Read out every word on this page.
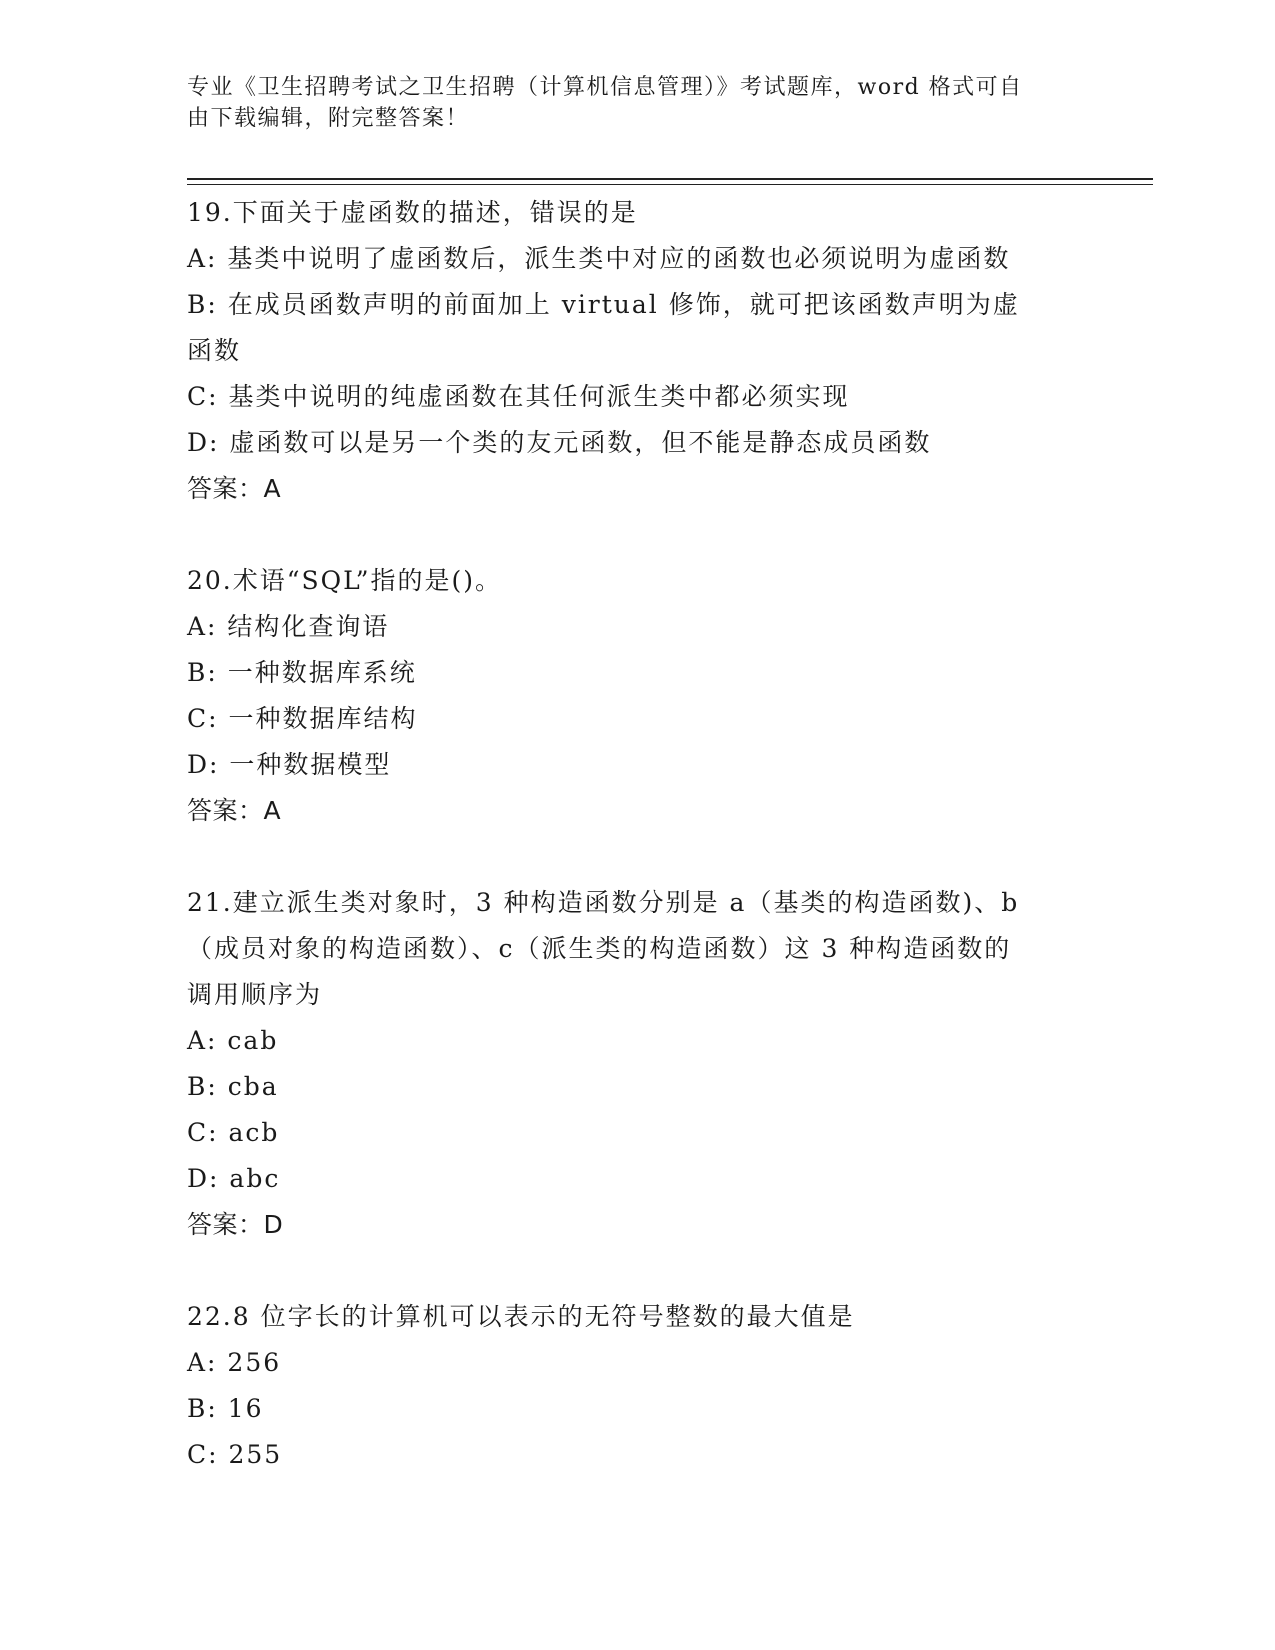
专业《卫生招聘考试之卫生招聘（计算机信息管理）》考试题库，word 格式可自
由下载编辑，附完整答案！
19.下面关于虚函数的描述，错误的是
A: 基类中说明了虚函数后，派生类中对应的函数也必须说明为虚函数
B: 在成员函数声明的前面加上 virtual 修饰，就可把该函数声明为虚
函数
C: 基类中说明的纯虚函数在其任何派生类中都必须实现
D: 虚函数可以是另一个类的友元函数，但不能是静态成员函数
答案：A
20.术语“SQL”指的是()。
A: 结构化查询语
B: 一种数据库系统
C: 一种数据库结构
D: 一种数据模型
答案：A
21.建立派生类对象时，3 种构造函数分别是 a（基类的构造函数)、b
（成员对象的构造函数）、c（派生类的构造函数）这 3 种构造函数的
调用顺序为
A: cab
B: cba
C: acb
D: abc
答案：D
22.8 位字长的计算机可以表示的无符号整数的最大值是
A: 256
B: 16
C: 255
